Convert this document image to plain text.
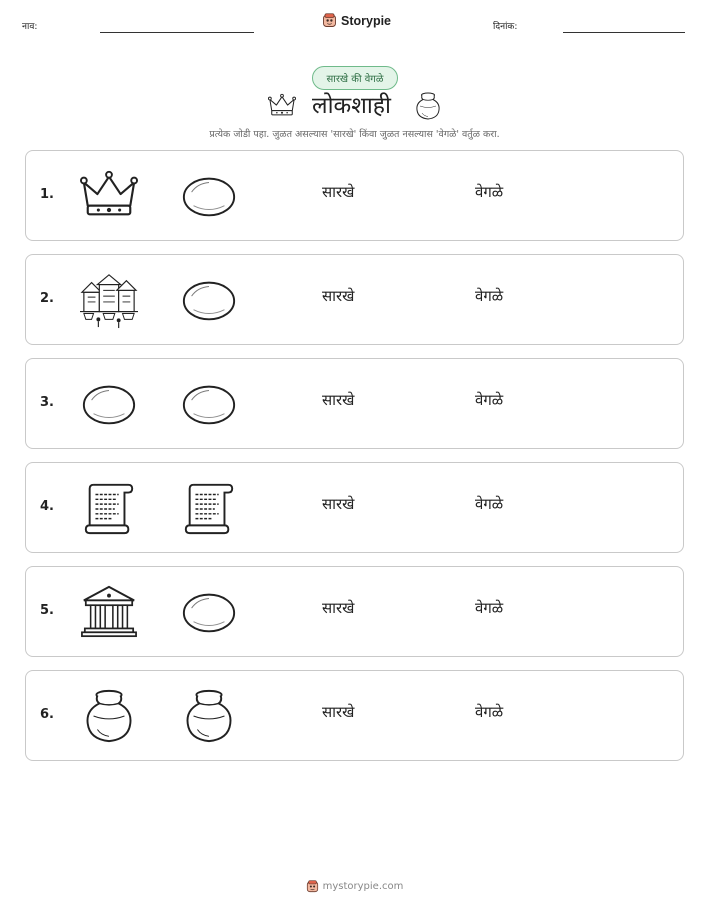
नाव:	Storypie	दिनांक:
सारखे की वेगळे
लोकशाही
प्रत्येक जोडी पहा. जुळत असल्यास 'सारखे' किंवा जुळत नसल्यास 'वेगळे' वर्तुळ करा.
1.	सारखे	वेगळे
2.	सारखे	वेगळे
3.	सारखे	वेगळे
4.	सारखे	वेगळे
5.	सारखे	वेगळे
6.	सारखे	वेगळे
mystorypie.com
